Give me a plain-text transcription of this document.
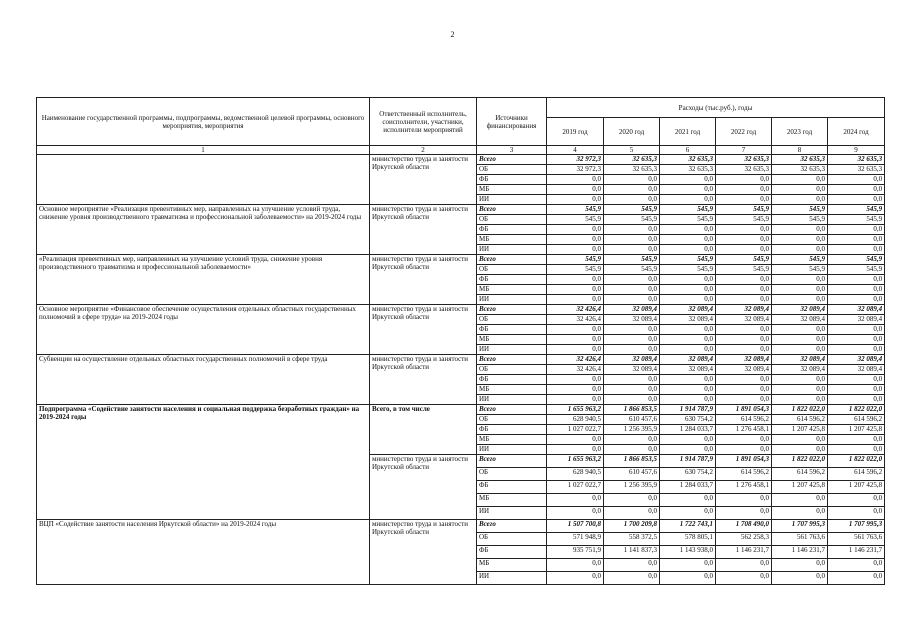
2
Наименование государственной программы, подпрограммы, ведомственной целевой программы, основного мероприятия, мероприятия	Ответственный исполнитель, соисполнители, участники, исполнители мероприятий	Источники финансирования	Расходы (тыс.руб.), годы					
			2019 год	2020 год	2021 год	2022 год	2023 год	2024 год
1	2	3	4	5	6	7	8	9
	министерство труда и занятости Иркутской области	Всего	32 972,3	32 635,3	32 635,3	32 635,3	32 635,3	32 635,3
		ОБ	32 972,3	32 635,3	32 635,3	32 635,3	32 635,3	32 635,3
		ФБ	0,0	0,0	0,0	0,0	0,0	0,0
		МБ	0,0	0,0	0,0	0,0	0,0	0,0
		ИИ	0,0	0,0	0,0	0,0	0,0	0,0
Основное мероприятие «Реализация превентивных мер, направленных на улучшение условий труда, снижение уровня производственного травматизма и профессиональной заболеваемости» на 2019-2024 годы	министерство труда и занятости Иркутской области	Всего	545,9	545,9	545,9	545,9	545,9	545,9
		ОБ	545,9	545,9	545,9	545,9	545,9	545,9
		ФБ	0,0	0,0	0,0	0,0	0,0	0,0
		МБ	0,0	0,0	0,0	0,0	0,0	0,0
		ИИ	0,0	0,0	0,0	0,0	0,0	0,0
«Реализация превентивных мер, направленных на улучшение условий труда, снижение уровня производственного травматизма и профессиональной заболеваемости»	министерство труда и занятости Иркутской области	Всего	545,9	545,9	545,9	545,9	545,9	545,9
		ОБ	545,9	545,9	545,9	545,9	545,9	545,9
		ФБ	0,0	0,0	0,0	0,0	0,0	0,0
		МБ	0,0	0,0	0,0	0,0	0,0	0,0
		ИИ	0,0	0,0	0,0	0,0	0,0	0,0
Основное мероприятие «Финансовое обеспечение осуществления отдельных областных государственных полномочий в сфере труда» на 2019-2024 годы	министерство труда и занятости Иркутской области	Всего	32 426,4	32 089,4	32 089,4	32 089,4	32 089,4	32 089,4
		ОБ	32 426,4	32 089,4	32 089,4	32 089,4	32 089,4	32 089,4
		ФБ	0,0	0,0	0,0	0,0	0,0	0,0
		МБ	0,0	0,0	0,0	0,0	0,0	0,0
		ИИ	0,0	0,0	0,0	0,0	0,0	0,0
Субвенции на осуществление отдельных областных государственных полномочий в сфере труда	министерство труда и занятости Иркутской области	Всего	32 426,4	32 089,4	32 089,4	32 089,4	32 089,4	32 089,4
		ОБ	32 426,4	32 089,4	32 089,4	32 089,4	32 089,4	32 089,4
		ФБ	0,0	0,0	0,0	0,0	0,0	0,0
		МБ	0,0	0,0	0,0	0,0	0,0	0,0
		ИИ	0,0	0,0	0,0	0,0	0,0	0,0
Подпрограмма «Содействие занятости населения и социальная поддержка безработных граждан» на 2019-2024 годы	Всего, в том числе	Всего	1 655 963,2	1 866 853,5	1 914 787,9	1 891 054,3	1 822 022,0	1 822 022,0
		ОБ	628 940,5	610 457,6	630 754,2	614 596,2	614 596,2	614 596,2
		ФБ	1 027 022,7	1 256 395,9	1 284 033,7	1 276 458,1	1 207 425,8	1 207 425,8
		МБ	0,0	0,0	0,0	0,0	0,0	0,0
		ИИ	0,0	0,0	0,0	0,0	0,0	0,0
	министерство труда и занятости Иркутской области	Всего	1 655 963,2	1 866 853,5	1 914 787,9	1 891 054,3	1 822 022,0	1 822 022,0
		ОБ	628 940,5	610 457,6	630 754,2	614 596,2	614 596,2	614 596,2
		ФБ	1 027 022,7	1 256 395,9	1 284 033,7	1 276 458,1	1 207 425,8	1 207 425,8
		МБ	0,0	0,0	0,0	0,0	0,0	0,0
		ИИ	0,0	0,0	0,0	0,0	0,0	0,0
ВЦП «Содействие занятости населения Иркутской области» на 2019-2024 годы	министерство труда и занятости Иркутской области	Всего	1 507 700,8	1 700 209,8	1 722 743,1	1 708 490,0	1 707 995,3	1 707 995,3
		ОБ	571 948,9	558 372,5	578 805,1	562 258,3	561 763,6	561 763,6
		ФБ	935 751,9	1 141 837,3	1 143 938,0	1 146 231,7	1 146 231,7	1 146 231,7
		МБ	0,0	0,0	0,0	0,0	0,0	0,0
		ИИ	0,0	0,0	0,0	0,0	0,0	0,0
